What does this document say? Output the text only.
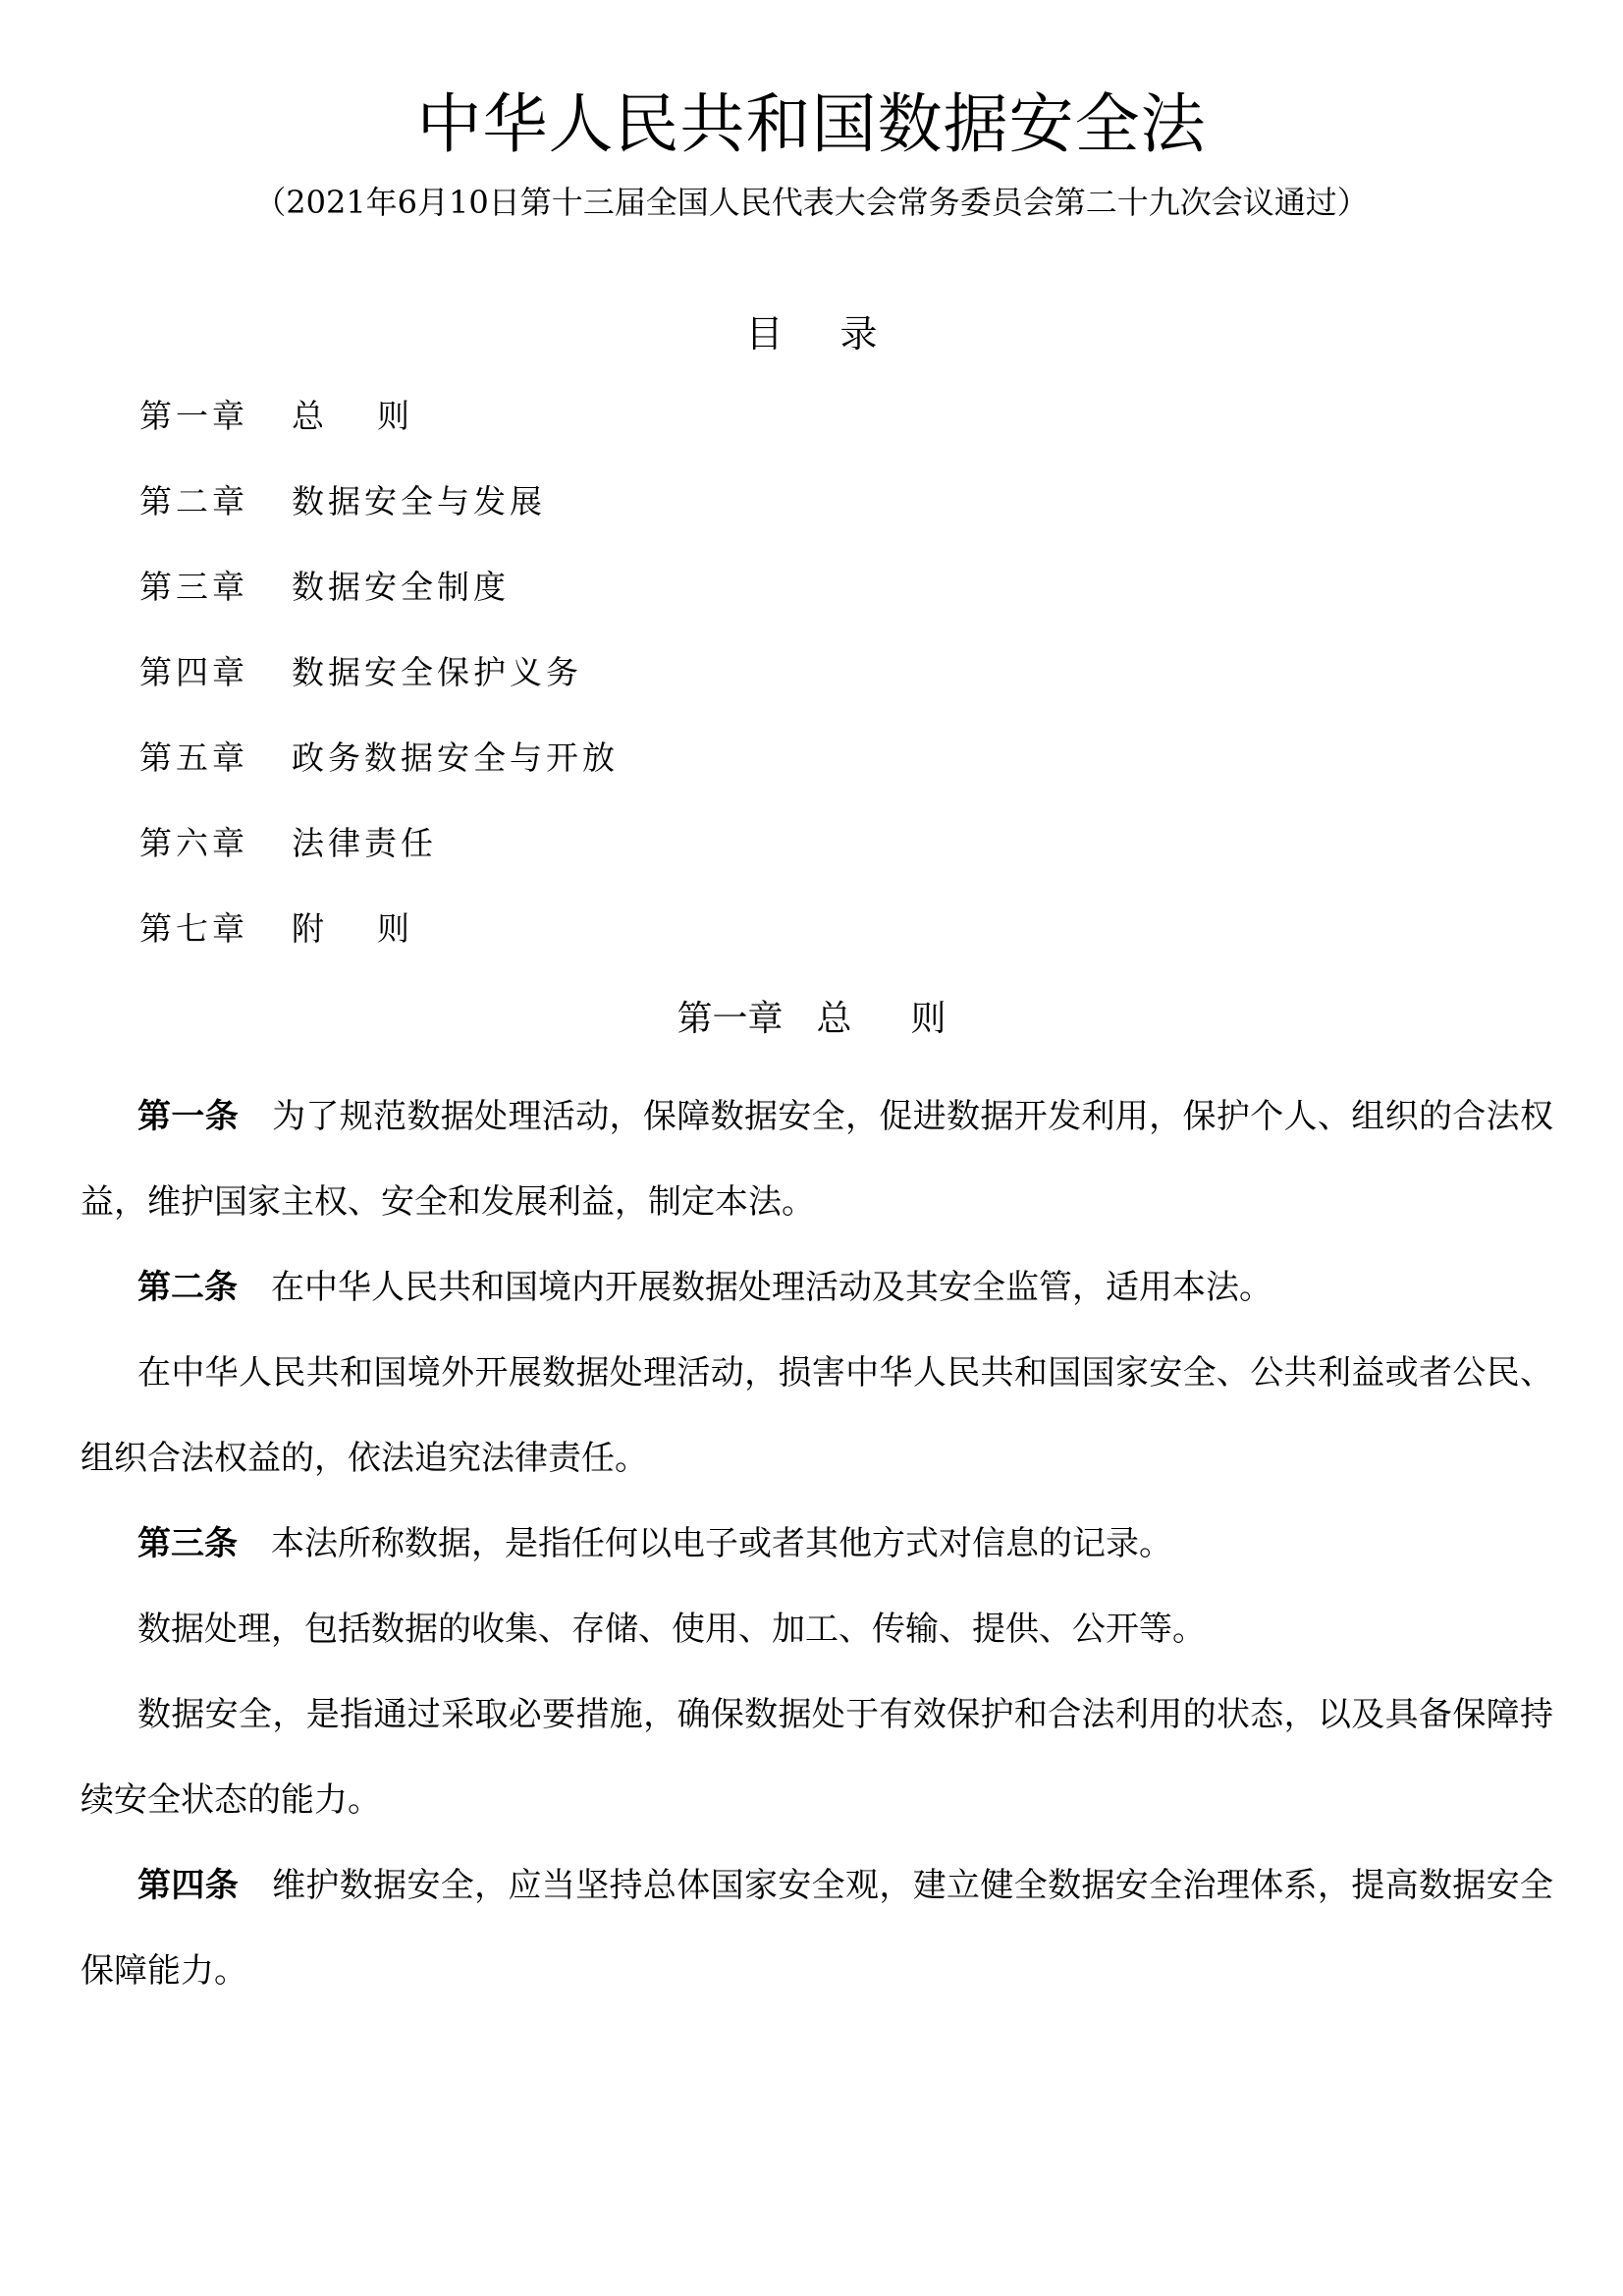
中华人民共和国数据安全法
（2021年6月10日第十三届全国人民代表大会常务委员会第二十九次会议通过）
目录
第一章 总则
第二章 数据安全与发展
第三章 数据安全制度
第四章 数据安全保护义务
第五章 政务数据安全与开放
第六章 法律责任
第七章 附则
第一章 总则

第一条 为了规范数据处理活动，保障数据安全，促进数据开发利用，保护个人、组织的合法权益，维护国家主权、安全和发展利益，制定本法。

第二条 在中华人民共和国境内开展数据处理活动及其安全监管，适用本法。

在中华人民共和国境外开展数据处理活动，损害中华人民共和国国家安全、公共利益或者公民、组织合法权益的，依法追究法律责任。

第三条 本法所称数据，是指任何以电子或者其他方式对信息的记录。

数据处理，包括数据的收集、存储、使用、加工、传输、提供、公开等。

数据安全，是指通过采取必要措施，确保数据处于有效保护和合法利用的状态，以及具备保障持续安全状态的能力。

第四条 维护数据安全，应当坚持总体国家安全观，建立健全数据安全治理体系，提高数据安全保障能力。
